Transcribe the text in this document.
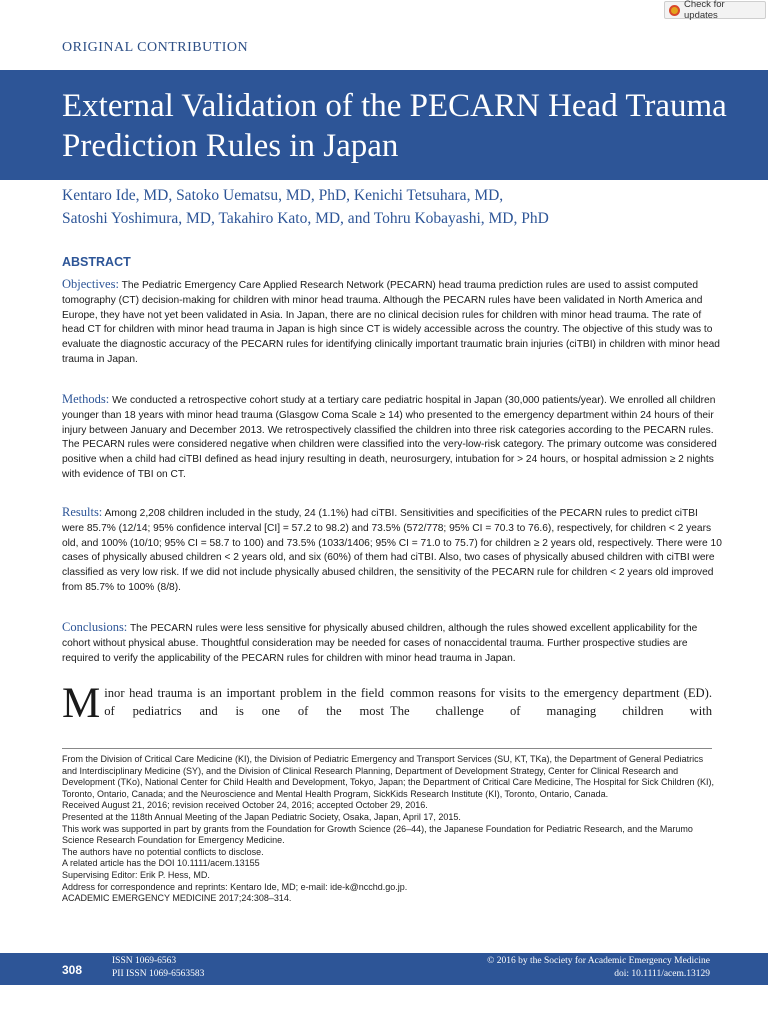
Check for updates
ORIGINAL CONTRIBUTION
External Validation of the PECARN Head Trauma Prediction Rules in Japan
Kentaro Ide, MD, Satoko Uematsu, MD, PhD, Kenichi Tetsuhara, MD,
Satoshi Yoshimura, MD, Takahiro Kato, MD, and Tohru Kobayashi, MD, PhD
ABSTRACT

Objectives: The Pediatric Emergency Care Applied Research Network (PECARN) head trauma prediction rules are used to assist computed tomography (CT) decision-making for children with minor head trauma. Although the PECARN rules have been validated in North America and Europe, they have not yet been validated in Asia. In Japan, there are no clinical decision rules for children with minor head trauma. The rate of head CT for children with minor head trauma in Japan is high since CT is widely accessible across the country. The objective of this study was to evaluate the diagnostic accuracy of the PECARN rules for identifying clinically important traumatic brain injuries (ciTBI) in children with minor head trauma in Japan.

Methods: We conducted a retrospective cohort study at a tertiary care pediatric hospital in Japan (30,000 patients/year). We enrolled all children younger than 18 years with minor head trauma (Glasgow Coma Scale ≥ 14) who presented to the emergency department within 24 hours of their injury between January and December 2013. We retrospectively classified the children into three risk categories according to the PECARN rules. The PECARN rules were considered negative when children were classified into the very-low-risk category. The primary outcome was considered positive when a child had ciTBI defined as head injury resulting in death, neurosurgery, intubation for > 24 hours, or hospital admission ≥ 2 nights with evidence of TBI on CT.

Results: Among 2,208 children included in the study, 24 (1.1%) had ciTBI. Sensitivities and specificities of the PECARN rules to predict ciTBI were 85.7% (12/14; 95% confidence interval [CI] = 57.2 to 98.2) and 73.5% (572/778; 95% CI = 70.3 to 76.6), respectively, for children < 2 years old, and 100% (10/10; 95% CI = 58.7 to 100) and 73.5% (1033/1406; 95% CI = 71.0 to 75.7) for children ≥ 2 years old, respectively. There were 10 cases of physically abused children < 2 years old, and six (60%) of them had ciTBI. Also, two cases of physically abused children with ciTBI were classified as very low risk. If we did not include physically abused children, the sensitivity of the PECARN rule for children < 2 years old improved from 85.7% to 100% (8/8).

Conclusions: The PECARN rules were less sensitive for physically abused children, although the rules showed excellent applicability for the cohort without physical abuse. Thoughtful consideration may be needed for cases of nonaccidental trauma. Further prospective studies are required to verify the applicability of the PECARN rules for children with minor head trauma in Japan.

Minor head trauma is an important problem in the field of pediatrics and is one of the most
common reasons for visits to the emergency department (ED). The challenge of managing children with

From the Division of Critical Care Medicine (KI), the Division of Pediatric Emergency and Transport Services (SU, KT, TKa), the Department of General Pediatrics and Interdisciplinary Medicine (SY), and the Division of Clinical Research Planning, Department of Development Strategy, Center for Clinical Research and Development (TKo), National Center for Child Health and Development, Tokyo, Japan; the Department of Critical Care Medicine, The Hospital for Sick Children (KI), Toronto, Ontario, Canada; and the Neuroscience and Mental Health Program, SickKids Research Institute (KI), Toronto, Ontario, Canada.

Received August 21, 2016; revision received October 24, 2016; accepted October 29, 2016.

Presented at the 118th Annual Meeting of the Japan Pediatric Society, Osaka, Japan, April 17, 2015.

This work was supported in part by grants from the Foundation for Growth Science (26–44), the Japanese Foundation for Pediatric Research, and the Marumo Science Research Foundation for Emergency Medicine.

The authors have no potential conflicts to disclose.

A related article has the DOI 10.1111/acem.13155

Supervising Editor: Erik P. Hess, MD.

Address for correspondence and reprints: Kentaro Ide, MD; e-mail: ide-k@ncchd.go.jp.

ACADEMIC EMERGENCY MEDICINE 2017;24:308–314.

308
ISSN 1069-6563
PII ISSN 1069-6563583
© 2016 by the Society for Academic Emergency Medicine
doi: 10.1111/acem.13129
